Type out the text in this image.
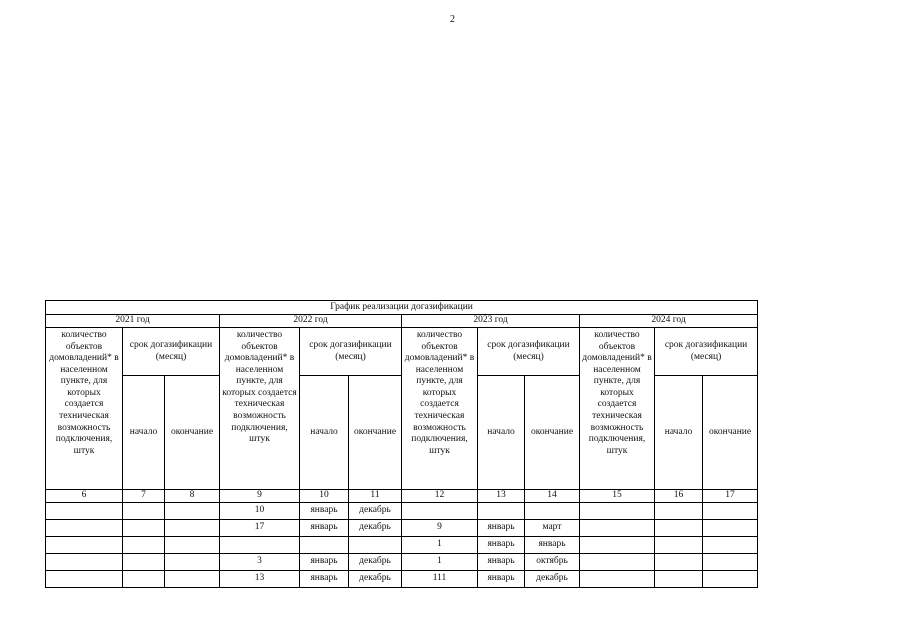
2
График реализации догазификации											
2021 год			2022 год			2023 год			2024 год		
количество объектов домовладений* в населенном пункте, для которых создается техническая возможность подключения, штук	срок догазификации (месяц)		количество объектов домовладений* в населенном пункте, для которых создается техническая возможность подключения, штук	срок догазификации (месяц)		количество объектов домовладений* в населенном пункте, для которых создается техническая возможность подключения, штук	срок догазификации (месяц)		количество объектов домовладений* в населенном пункте, для которых создается техническая возможность подключения, штук	срок догазификации (месяц)	
	начало	окончание		начало	окончание		начало	окончание		начало	окончание
6	7	8	9	10	11	12	13	14	15	16	17
			10	январь	декабрь						
			17	январь	декабрь	9	январь	март			
						1	январь	январь			
			3	январь	декабрь	1	январь	октябрь			
			13	январь	декабрь	111	январь	декабрь			
